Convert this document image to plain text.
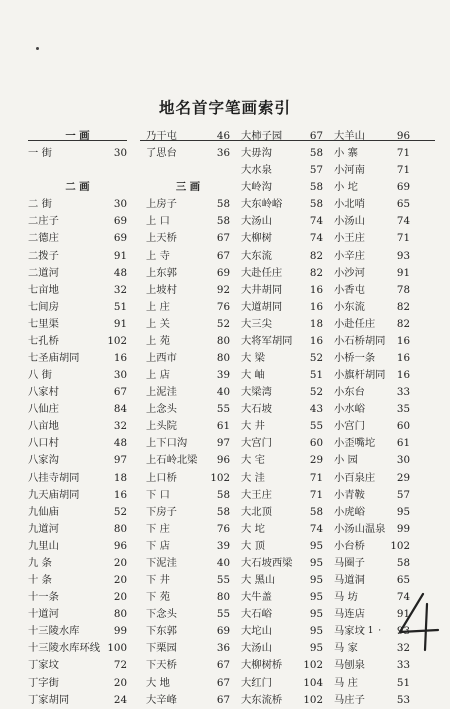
地名首字笔画索引
一 画
一 街	30
二 画
二 街	30
二庄子	69
二德庄	69
二拨子	91
二道河	48
七亩地	32
七间房	51
七里渠	91
七孔桥	102
七圣庙胡同	16
八 街	30
八家村	67
八仙庄	84
八亩地	32
八口村	48
八家沟	97
八挂寺胡同	18
九天庙胡同	16
九仙庙	52
九道河	80
九里山	96
九 条	20
十 条	20
十一条	20
十道河	80
十三陵水库	99
十三陵水库环线 100
丁家坟	72
丁字街	20
丁家胡同	24
乃干屯	46
了思台	36
三 画
上房子	58
上 口	58
上天桥	67
上 寺	67
上东郭	69
上坡村	92
上 庄	76
上 关	52
上 苑	80
上西市	80
上 店	39
上泥洼	40
上念头	55
上头院	61
上下口沟	97
上石岭北梁	96
上口桥	102
下 口	58
下房子	58
下 庄	76
下 店	39
下泥洼	40
下 井	55
下 苑	80
下念头	55
下东郭	69
下栗园	36
下天桥	67
大 地	67
大辛峰	67
大柿子园	67
大毋沟	58
大水泉	57
大岭沟	58
大东岭峪	58
大汤山	74
大柳树	74
大东流	82
大赴任庄	82
大井胡同	16
大道胡同	16
大三尖	18
大将军胡同	16
大 梁	52
大 岫	51
大梁湾	52
大石坡	43
大 井	55
大宫门	60
大 宅	29
大 洼	71
大王庄	71
大北顶	58
大 坨	74
大 顶	95
大石坡西梁	95
大 黑山	95
大牛盖	95
大石峪	95
大坨山	95
大汤山	95
大柳树桥	102
大红门	104
大东流桥	102
大羊山	96
小 寨	71
小河南	71
小 坨	69
小北哨	65
小汤山	74
小王庄	71
小辛庄	93
小沙河	91
小香屯	78
小东流	82
小赴任庄	82
小石桥胡同	16
小桥一条	16
小旗杆胡同	16
小东台	33
小水峪	35
小宫门	60
小歪嘴坨	61
小 园	30
小百泉庄	29
小青鞍	57
小虎峪	95
小汤山温泉	99
小台桥	102
马圈子	58
马道洞	65
马 坊	74
马连店	91
马家坟	93
马 家	32
马刨泉	33
马 庄	51
马庄子	53
· 1 ·
